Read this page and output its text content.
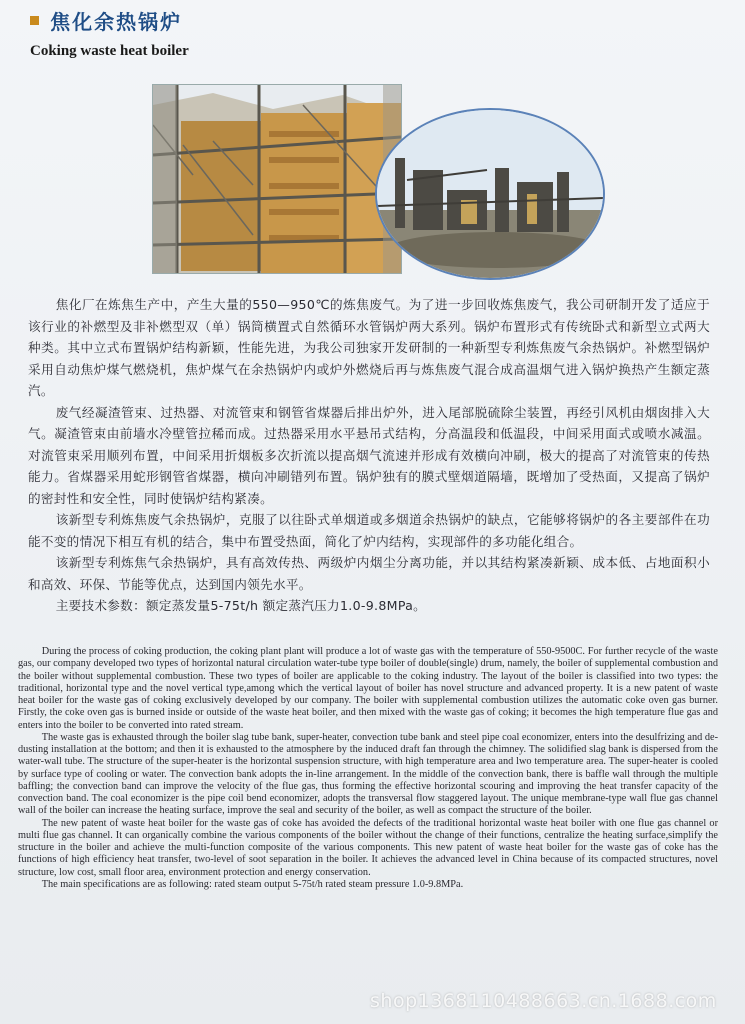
焦化余热锅炉
Coking waste heat boiler

焦化厂在炼焦生产中，产生大量的550—950℃的炼焦废气。为了进一步回收炼焦废气，我公司研制开发了适应于该行业的补燃型及非补燃型双（单）锅筒横置式自然循环水管锅炉两大系列。锅炉布置形式有传统卧式和新型立式两大种类。其中立式布置锅炉结构新颖，性能先进，为我公司独家开发研制的一种新型专利炼焦废气余热锅炉。补燃型锅炉采用自动焦炉煤气燃烧机，焦炉煤气在余热锅炉内或炉外燃烧后再与炼焦废气混合成高温烟气进入锅炉换热产生额定蒸汽。

废气经凝渣管束、过热器、对流管束和钢管省煤器后排出炉外，进入尾部脱硫除尘装置，再经引风机由烟囱排入大气。凝渣管束由前墙水冷壁管拉稀而成。过热器采用水平悬吊式结构，分高温段和低温段，中间采用面式或喷水减温。对流管束采用顺列布置，中间采用折烟板多次折流以提高烟气流速并形成有效横向冲刷，极大的提高了对流管束的传热能力。省煤器采用蛇形钢管省煤器，横向冲刷错列布置。锅炉独有的膜式壁烟道隔墙，既增加了受热面，又提高了锅炉的密封性和安全性，同时使锅炉结构紧凑。

该新型专利炼焦废气余热锅炉，克服了以往卧式单烟道或多烟道余热锅炉的缺点，它能够将锅炉的各主要部件在功能不变的情况下相互有机的结合，集中布置受热面，简化了炉内结构，实现部件的多功能化组合。

该新型专利炼焦气余热锅炉，具有高效传热、两级炉内烟尘分离功能，并以其结构紧凑新颖、成本低、占地面积小和高效、环保、节能等优点，达到国内领先水平。

主要技术参数：额定蒸发量5-75t/h 额定蒸汽压力1.0-9.8MPa。

During the process of coking production, the coking plant plant will produce a lot of waste gas with the temperature of 550-9500C. For further recycle of the waste gas, our company developed two types of horizontal natural circulation water-tube type boiler of double(single) drum, namely, the boiler of supplemental combustion and the boiler without supplemental combustion. These two types of boiler are applicable to the coking industry. The layout of the boiler is classified into two types: the traditional, horizontal type and the novel vertical type,among which the vertical layout of boiler has novel structure and advanced property. It is a new patent of waste heat boiler for the waste gas of coking exclusively developed by our company. The boiler with supplemental combustion utilizes the automatic coke oven gas burner. Firstly, the coke oven gas is burned inside or outside of the waste heat boiler, and then mixed with the waste gas of coking; it becomes the high temperature flue gas and enters into the boiler to be converted into rated stream.

The waste gas is exhausted through the boiler slag tube bank, super-heater, convection tube bank and steel pipe coal economizer, enters into the desulfrizing and de-dusting installation at the bottom; and then it is exhausted to the atmosphere by the induced draft fan through the chimney. The solidified slag bank is dispersed from the water-wall tube. The structure of the super-heater is the horizontal suspension structure, with high temperature area and lwo temperature area. The super-heater is cooled by surface type of cooling or water. The convection bank adopts the in-line arrangement. In the middle of the convection bank, there is baffle wall through the multiple baffling; the convection band can improve the velocity of the flue gas, thus forming the effective horizontal scouring and improving the heat transfer capacity of the convection band. The coal economizer is the pipe coil bend economizer, adopts the transversal flow staggered layout. The unique membrane-type wall flue gas channel wall of the boiler can increase the heating surface, improve the seal and security of the boiler, as well as compact the structure of the boiler.

The new patent of waste heat boiler for the waste gas of coke has avoided the defects of the traditional horizontal waste heat boiler with one flue gas channel or multi flue gas channel. It can organically combine the various components of the boiler without the change of their functions, centralize the heating surface,simplify the structure in the boiler and achieve the multi-function composite of the various components. This new patent of waste heat boiler for the waste gas of coke has the functions of high efficiency heat transfer, two-level of soot separation in the boiler. It achieves the advanced level in China because of its compacted structures, novel structure, low cost, small floor area, environment protection and energy conservation.

The main specifications are as following: rated steam output 5-75t/h rated steam pressure 1.0-9.8MPa.
shop1368110488663.cn.1688.com
